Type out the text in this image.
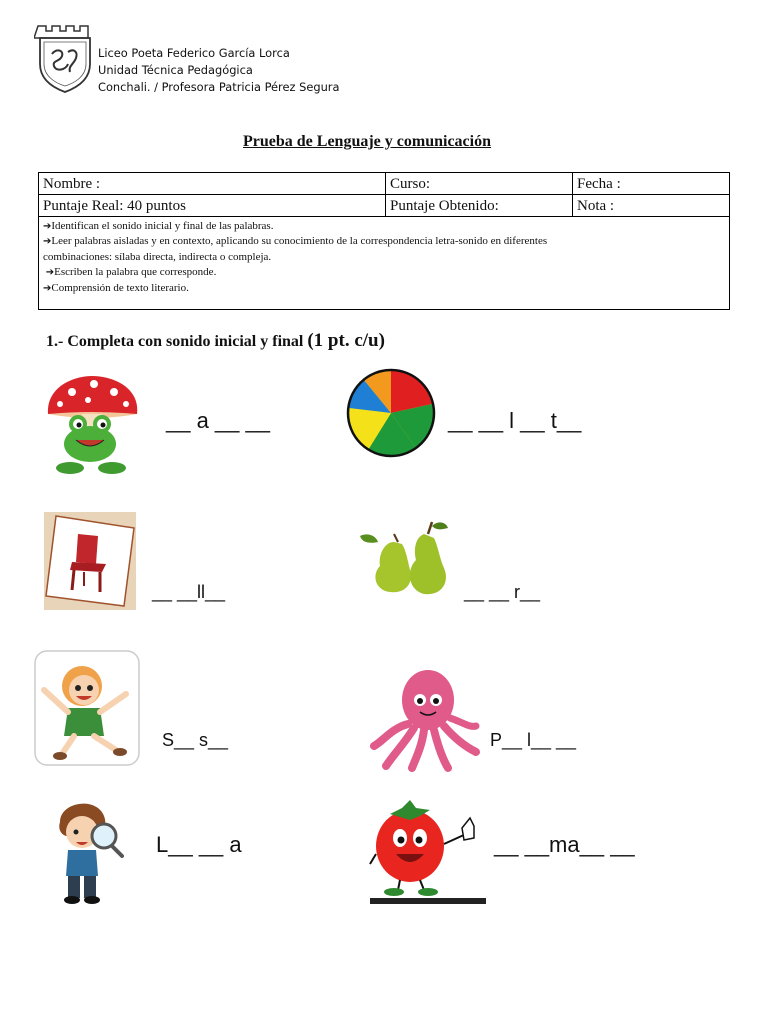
Liceo Poeta Federico García Lorca
Unidad Técnica Pedagógica
Conchali. / Profesora Patricia Pérez Segura
Prueba de Lenguaje y comunicación
Nombre :	Curso:	Fecha :
Puntaje Real: 40 puntos	Puntaje Obtenido:	Nota :

➔Identifican el sonido inicial y final de las palabras.
➔Leer palabras aisladas y en contexto, aplicando su conocimiento de la correspondencia letra-sonido en diferentes
combinaciones: sílaba directa, indirecta o compleja.
➔Escriben la palabra que corresponde.
➔Comprensión de texto literario.		
1.- Completa con sonido inicial y final (1 pt. c/u)
__ a __ __	__ __ l __ t__
__ __ll__	__ __ r__
S__ s__	P__ l__ __
L__ __ a	__ __ma__ __
